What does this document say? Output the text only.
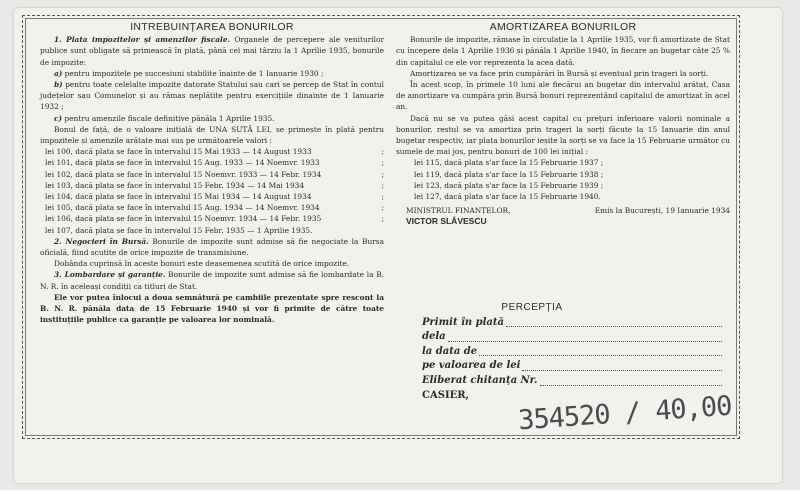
INTREBUINȚAREA BONURILOR

1. Plata impozitelor și amenzilor fiscale. Organele de percepere ale veniturilor publice sunt obligate să primească în plată, până cel mai târziu la 1 Aprilie 1935, bonurile de impozite:

a) pentru impozitele pe succesiuni stabilite înainte de 1 Ianuarie 1930 ;

b) pentru toate celelalte impozite datorate Statului sau cari se percep de Stat în contul județelor sau Comunelor și au rămas neplătite pentru exercițiile dinainte de 1 Ianuarie 1932 ;

c) pentru amenzile fiscale definitive pânăla 1 Aprilie 1935.

Bonul de față, de o valoare inițială de UNA SUTĂ LEI, se primește în plată pentru impozitele și amenzile arătate mai sus pe următoarele valori :

lei 100, dacă plata se face în intervalul 15 Mai 1933 — 14 August 1933	;
lei 101, dacă plata se face în intervalul 15 Aug. 1933 — 14 Noemvr. 1933	;
lei 102, dacă plata se face în intervalul 15 Noemvr. 1933 — 14 Febr. 1934	;
lei 103, dacă plata se face în intervalul 15 Febr. 1934 — 14 Mai 1934	;
lei 104, dacă plata se face în intervalul 15 Mai 1934 — 14 August 1934	;
lei 105, dacă plata se face în intervalul 15 Aug. 1934 — 14 Noemvr. 1934	;
lei 106, dacă plata se face în intervalul 15 Noemvr. 1934 — 14 Febr. 1935	;
lei 107, dacă plata se face în intervalul 15 Febr. 1935 — 1 Aprilie 1935.

2. Negocieri în Bursă. Bonurile de impozite sunt admise să fie negociate la Bursa oficială, fiind scutite de orice impozite de transmisiune.

Dobânda cuprinsă în aceste bonuri este deasemenea scutită de orice impozite.

3. Lombardare și garanție. Bonurile de impozite sunt admise să fie lombardate la B. N. R. în aceleași condiții ca titluri de Stat.

Ele vor putea înlocui a doua semnătură pe cambiile prezentate spre rescont la B. N. R. pânăla data de 15 Februarie 1940 și vor fi primite de către toate instituțiile publice ca garanție pe valoarea lor nominală.

AMORTIZAREA BONURILOR

Bonurile de impozite, rămase în circulație la 1 Aprilie 1935, vor fi amortizate de Stat cu începere dela 1 Aprilie 1936 și pânăla 1 Aprilie 1940, în fiecare an bugetar câte 25 % din capitalul ce ele vor reprezenta la acea dată.

Amortizarea se va face prin cumpărări în Bursă și eventual prin trageri la sorți.

În acest scop, în primele 10 luni ale fiecărui an bugetar din intervalul arătat, Casa de amortizare va cumpăra prin Bursă bonuri reprezentând capitalul de amortizat în acel an.

Dacă nu se va putea găsi acest capital cu prețuri inferioare valorii nominale a bonurilor, restul se va amortiza prin trageri la sorți făcute la 15 Ianuarie din anul bugetar respectiv, iar plata bonurilor ieșite la sorți se va face la 15 Februarie următor cu sumele de mai jos, pentru bonuri de 100 lei inițial :

lei 115, dacă plata s'ar face la 15 Februarie 1937 ;
lei 119, dacă plata s'ar face la 15 Februarie 1938 ;
lei 123, dacă plata s'ar face la 15 Februarie 1939 ;
lei 127, dacă plata s'ar face la 15 Februarie 1940.
MINISTRUL FINANȚELOR,	Emis la București, 19 Ianuarie 1934
VICTOR SLĂVESCU
PERCEPȚIA
Primit în plată
dela
la data de
pe valoarea de lei
Eliberat chitanța Nr.
CASIER, 354520 / 40,00
